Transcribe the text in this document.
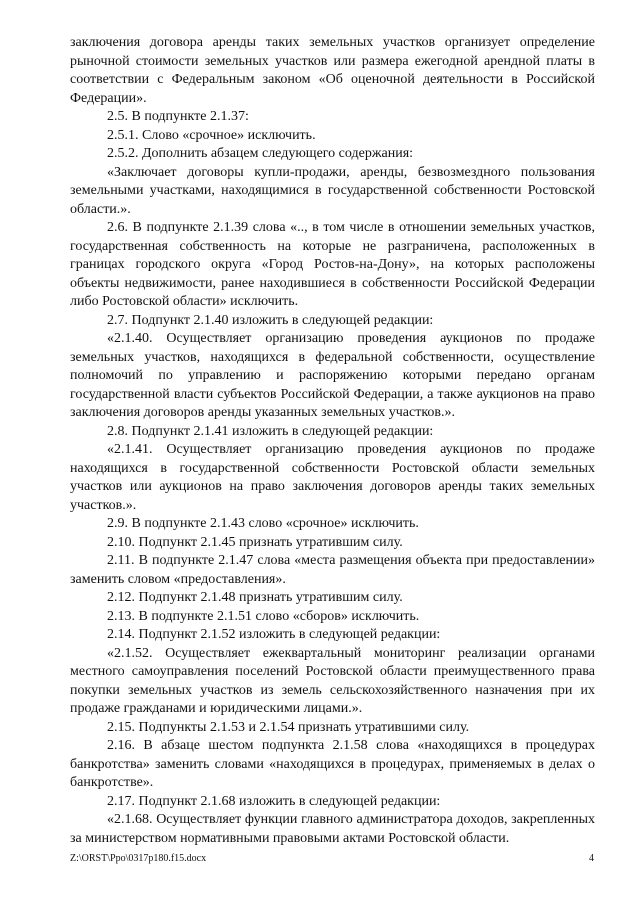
заключения договора аренды таких земельных участков организует определение рыночной стоимости земельных участков или размера ежегодной арендной платы в соответствии с Федеральным законом «Об оценочной деятельности в Российской Федерации».

2.5. В подпункте 2.1.37:

2.5.1. Слово «срочное» исключить.

2.5.2. Дополнить абзацем следующего содержания:

«Заключает договоры купли-продажи, аренды, безвозмездного пользования земельными участками, находящимися в государственной собственности Ростовской области.».

2.6. В подпункте 2.1.39 слова «.., в том числе в отношении земельных участков, государственная собственность на которые не разграничена, расположенных в границах городского округа «Город Ростов-на-Дону», на которых расположены объекты недвижимости, ранее находившиеся в собственности Российской Федерации либо Ростовской области» исключить.

2.7. Подпункт 2.1.40 изложить в следующей редакции:

«2.1.40. Осуществляет организацию проведения аукционов по продаже земельных участков, находящихся в федеральной собственности, осуществление полномочий по управлению и распоряжению которыми передано органам государственной власти субъектов Российской Федерации, а также аукционов на право заключения договоров аренды указанных земельных участков.».

2.8. Подпункт 2.1.41 изложить в следующей редакции:

«2.1.41. Осуществляет организацию проведения аукционов по продаже находящихся в государственной собственности Ростовской области земельных участков или аукционов на право заключения договоров аренды таких земельных участков.».

2.9. В подпункте 2.1.43 слово «срочное» исключить.

2.10. Подпункт 2.1.45 признать утратившим силу.

2.11. В подпункте 2.1.47 слова «места размещения объекта при предоставлении» заменить словом «предоставления».

2.12. Подпункт 2.1.48 признать утратившим силу.

2.13. В подпункте 2.1.51 слово «сборов» исключить.

2.14. Подпункт 2.1.52 изложить в следующей редакции:

«2.1.52. Осуществляет ежеквартальный мониторинг реализации органами местного самоуправления поселений Ростовской области преимущественного права покупки земельных участков из земель сельскохозяйственного назначения при их продаже гражданами и юридическими лицами.».

2.15. Подпункты 2.1.53 и 2.1.54 признать утратившими силу.

2.16. В абзаце шестом подпункта 2.1.58 слова «находящихся в процедурах банкротства» заменить словами «находящихся в процедурах, применяемых в делах о банкротстве».

2.17. Подпункт 2.1.68 изложить в следующей редакции:

«2.1.68. Осуществляет функции главного администратора доходов, закрепленных за министерством нормативными правовыми актами Ростовской области.

Z:\ORST\Ppo\0317p180.f15.docx	4
